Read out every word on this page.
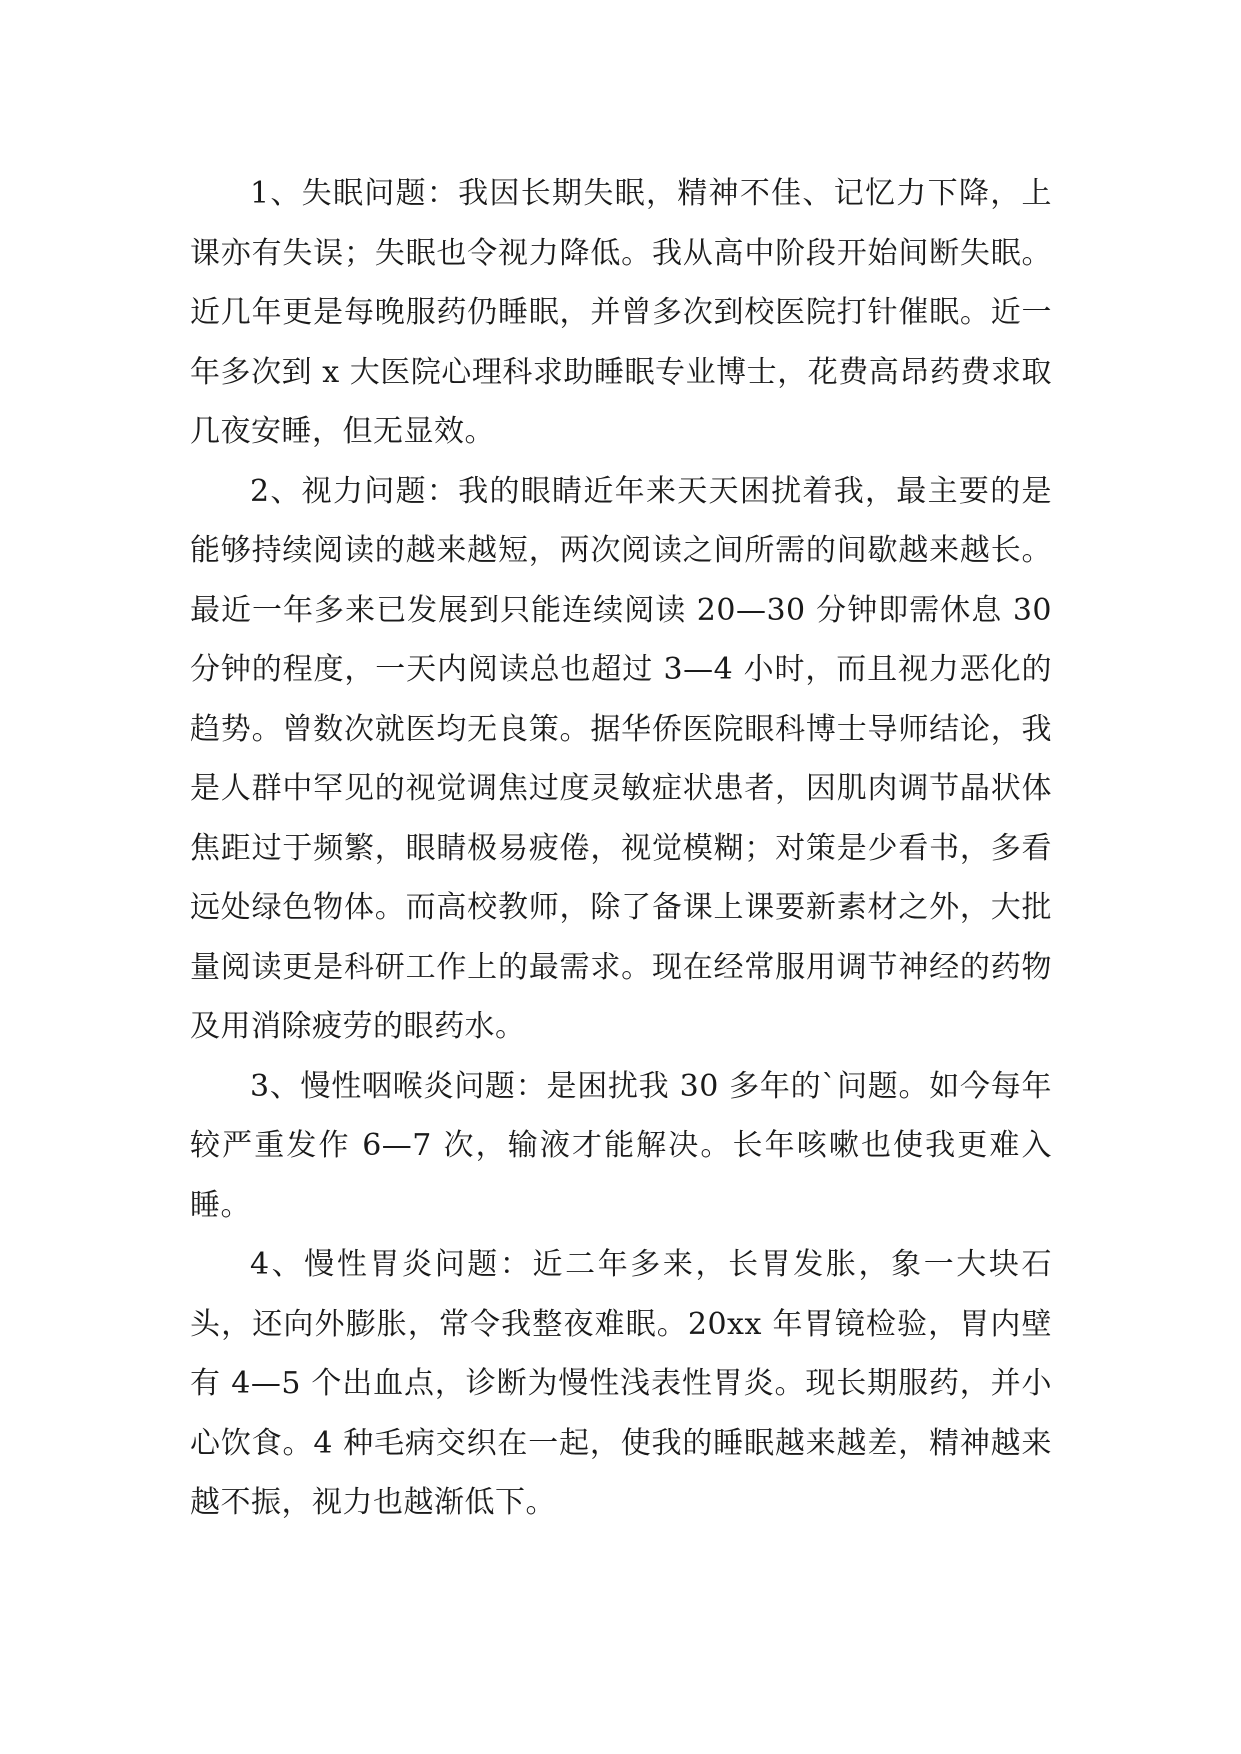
1、失眠问题：我因长期失眠，精神不佳、记忆力下降，上课亦有失误；失眠也令视力降低。我从高中阶段开始间断失眠。近几年更是每晚服药仍睡眠，并曾多次到校医院打针催眠。近一年多次到 x 大医院心理科求助睡眠专业博士，花费高昂药费求取几夜安睡，但无显效。

2、视力问题：我的眼睛近年来天天困扰着我，最主要的是能够持续阅读的越来越短，两次阅读之间所需的间歇越来越长。最近一年多来已发展到只能连续阅读 20—30 分钟即需休息 30 分钟的程度，一天内阅读总也超过 3—4 小时，而且视力恶化的趋势。曾数次就医均无良策。据华侨医院眼科博士导师结论，我是人群中罕见的视觉调焦过度灵敏症状患者，因肌肉调节晶状体焦距过于频繁，眼睛极易疲倦，视觉模糊；对策是少看书，多看远处绿色物体。而高校教师，除了备课上课要新素材之外，大批量阅读更是科研工作上的最需求。现在经常服用调节神经的药物及用消除疲劳的眼药水。

3、慢性咽喉炎问题：是困扰我 30 多年的`问题。如今每年较严重发作 6—7 次，输液才能解决。长年咳嗽也使我更难入睡。

4、慢性胃炎问题：近二年多来，长胃发胀，象一大块石头，还向外膨胀，常令我整夜难眠。20xx 年胃镜检验，胃内壁有 4—5 个出血点，诊断为慢性浅表性胃炎。现长期服药，并小心饮食。4 种毛病交织在一起，使我的睡眠越来越差，精神越来越不振，视力也越渐低下。
